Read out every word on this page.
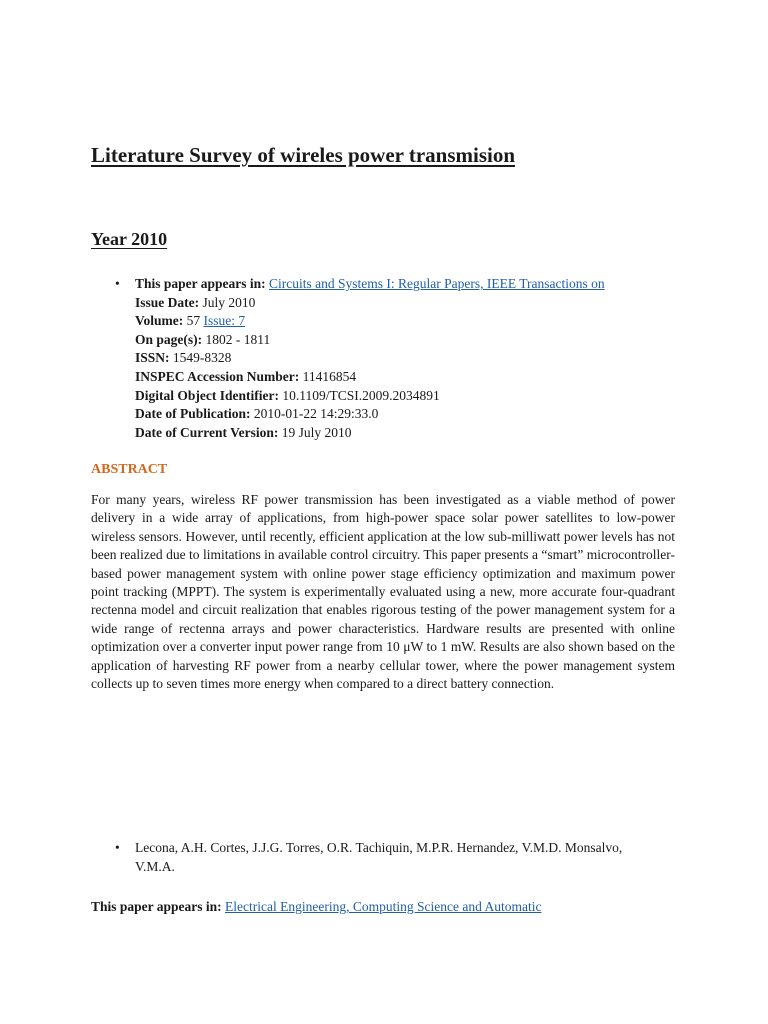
Literature Survey of wireles power transmision
Year 2010
• This paper appears in: Circuits and Systems I: Regular Papers, IEEE Transactions on
Issue Date: July 2010
Volume: 57 Issue: 7
On page(s): 1802 - 1811
ISSN: 1549-8328
INSPEC Accession Number: 11416854
Digital Object Identifier: 10.1109/TCSI.2009.2034891
Date of Publication: 2010-01-22 14:29:33.0
Date of Current Version: 19 July 2010
ABSTRACT

For many years, wireless RF power transmission has been investigated as a viable method of power delivery in a wide array of applications, from high-power space solar power satellites to low-power wireless sensors. However, until recently, efficient application at the low sub-milliwatt power levels has not been realized due to limitations in available control circuitry. This paper presents a “smart” microcontroller-based power management system with online power stage efficiency optimization and maximum power point tracking (MPPT). The system is experimentally evaluated using a new, more accurate four-quadrant rectenna model and circuit realization that enables rigorous testing of the power management system for a wide range of rectenna arrays and power characteristics. Hardware results are presented with online optimization over a converter input power range from 10 μW to 1 mW. Results are also shown based on the application of harvesting RF power from a nearby cellular tower, where the power management system collects up to seven times more energy when compared to a direct battery connection.

• Lecona, A.H. Cortes, J.J.G. Torres, O.R. Tachiquin, M.P.R. Hernandez, V.M.D. Monsalvo, V.M.A.

This paper appears in: Electrical Engineering, Computing Science and Automatic
